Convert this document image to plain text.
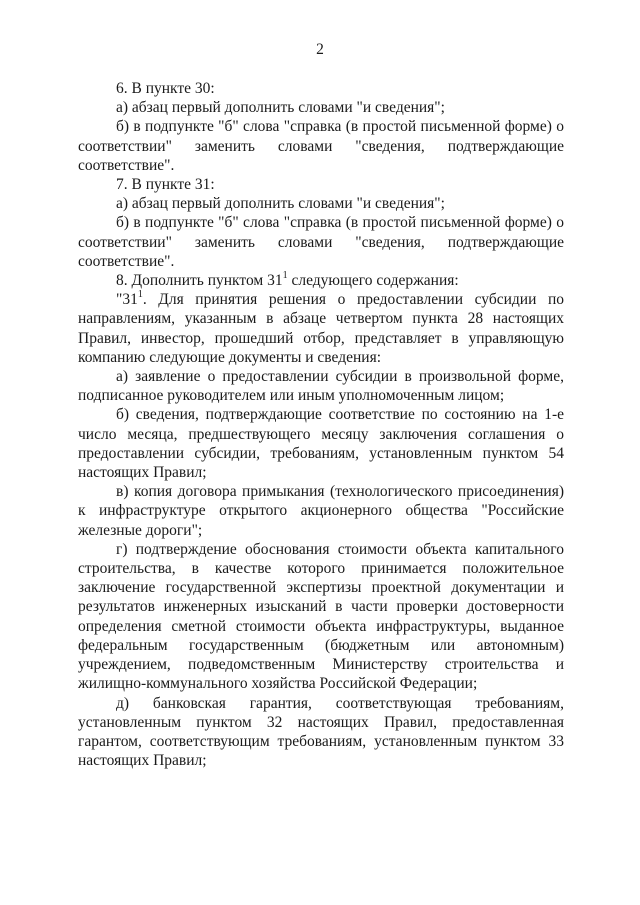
2

6. В пункте 30:

а) абзац первый дополнить словами "и сведения";

б) в подпункте "б" слова "справка (в простой письменной форме) о соответствии" заменить словами "сведения, подтверждающие соответствие".

7. В пункте 31:

а) абзац первый дополнить словами "и сведения";

б) в подпункте "б" слова "справка (в простой письменной форме) о соответствии" заменить словами "сведения, подтверждающие соответствие".

8. Дополнить пунктом $31^1$ следующего содержания:

"$31^1$. Для принятия решения о предоставлении субсидии по направлениям, указанным в абзаце четвертом пункта 28 настоящих Правил, инвестор, прошедший отбор, представляет в управляющую компанию следующие документы и сведения:

а) заявление о предоставлении субсидии в произвольной форме, подписанное руководителем или иным уполномоченным лицом;

б) сведения, подтверждающие соответствие по состоянию на 1-е число месяца, предшествующего месяцу заключения соглашения о предоставлении субсидии, требованиям, установленным пунктом 54 настоящих Правил;

в) копия договора примыкания (технологического присоединения) к инфраструктуре открытого акционерного общества "Российские железные дороги";

г) подтверждение обоснования стоимости объекта капитального строительства, в качестве которого принимается положительное заключение государственной экспертизы проектной документации и результатов инженерных изысканий в части проверки достоверности определения сметной стоимости объекта инфраструктуры, выданное федеральным государственным (бюджетным или автономным) учреждением, подведомственным Министерству строительства и жилищно-коммунального хозяйства Российской Федерации;

д) банковская гарантия, соответствующая требованиям, установленным пунктом 32 настоящих Правил, предоставленная гарантом, соответствующим требованиям, установленным пунктом 33 настоящих Правил;
